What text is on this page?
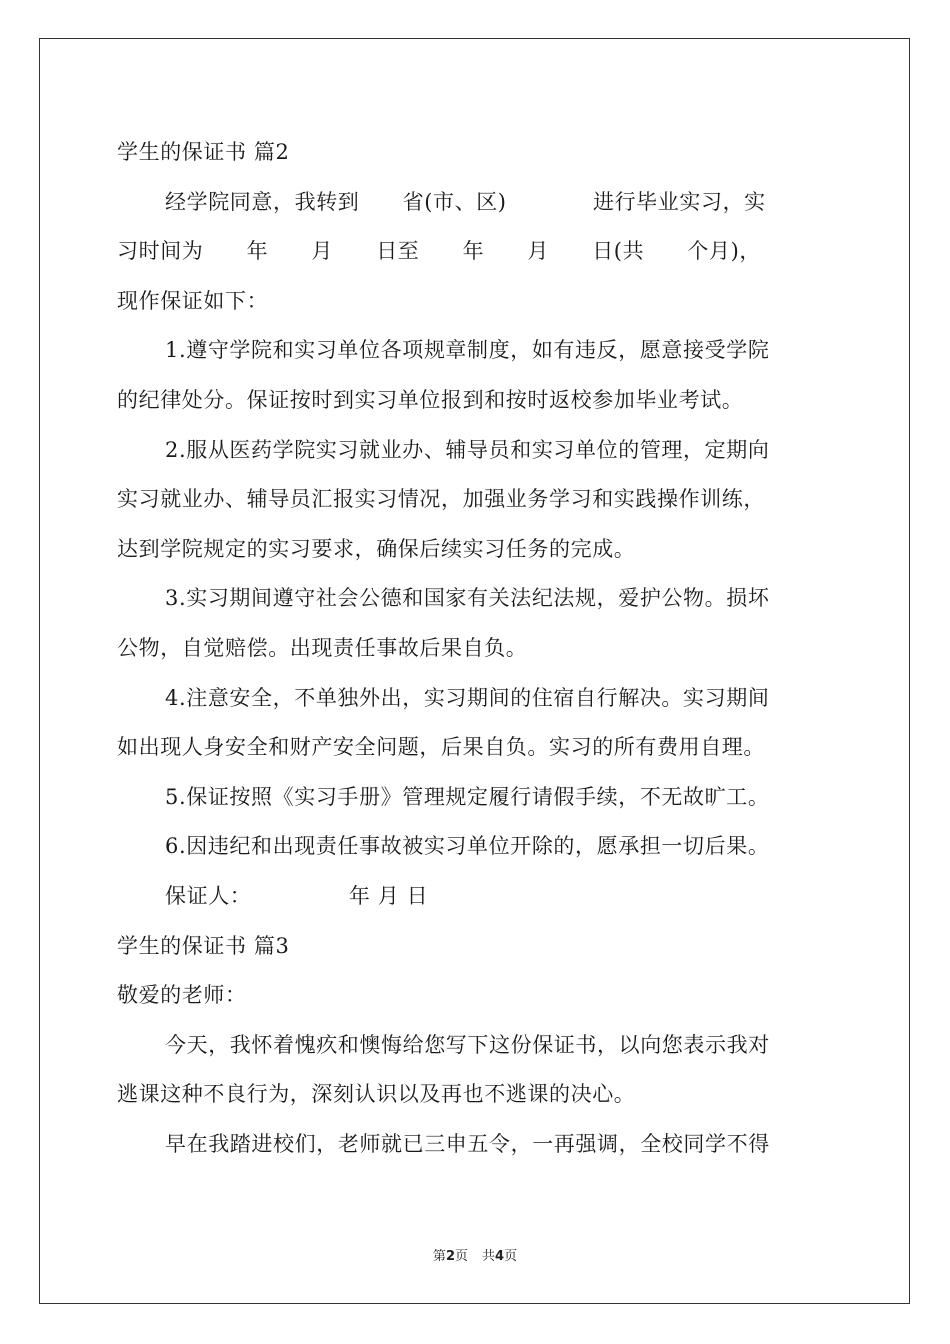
学生的保证书 篇2

经学院同意，我转到　　省(市、区)　　　　进行毕业实习，实

习时间为　　年　　月　　日至　　年　　月　　日(共　　个月)，

现作保证如下：

1.遵守学院和实习单位各项规章制度，如有违反，愿意接受学院

的纪律处分。保证按时到实习单位报到和按时返校参加毕业考试。

2.服从医药学院实习就业办、辅导员和实习单位的管理，定期向

实习就业办、辅导员汇报实习情况，加强业务学习和实践操作训练，

达到学院规定的实习要求，确保后续实习任务的完成。

3.实习期间遵守社会公德和国家有关法纪法规，爱护公物。损坏

公物，自觉赔偿。出现责任事故后果自负。

4.注意安全，不单独外出，实习期间的住宿自行解决。实习期间

如出现人身安全和财产安全问题，后果自负。实习的所有费用自理。

5.保证按照《实习手册》管理规定履行请假手续，不无故旷工。

6.因违纪和出现责任事故被实习单位开除的，愿承担一切后果。

保证人：　　　　　年 月 日

学生的保证书 篇3

敬爱的老师：

今天，我怀着愧疚和懊悔给您写下这份保证书，以向您表示我对

逃课这种不良行为，深刻认识以及再也不逃课的决心。

早在我踏进校们，老师就已三申五令，一再强调，全校同学不得

第2页 共4页
